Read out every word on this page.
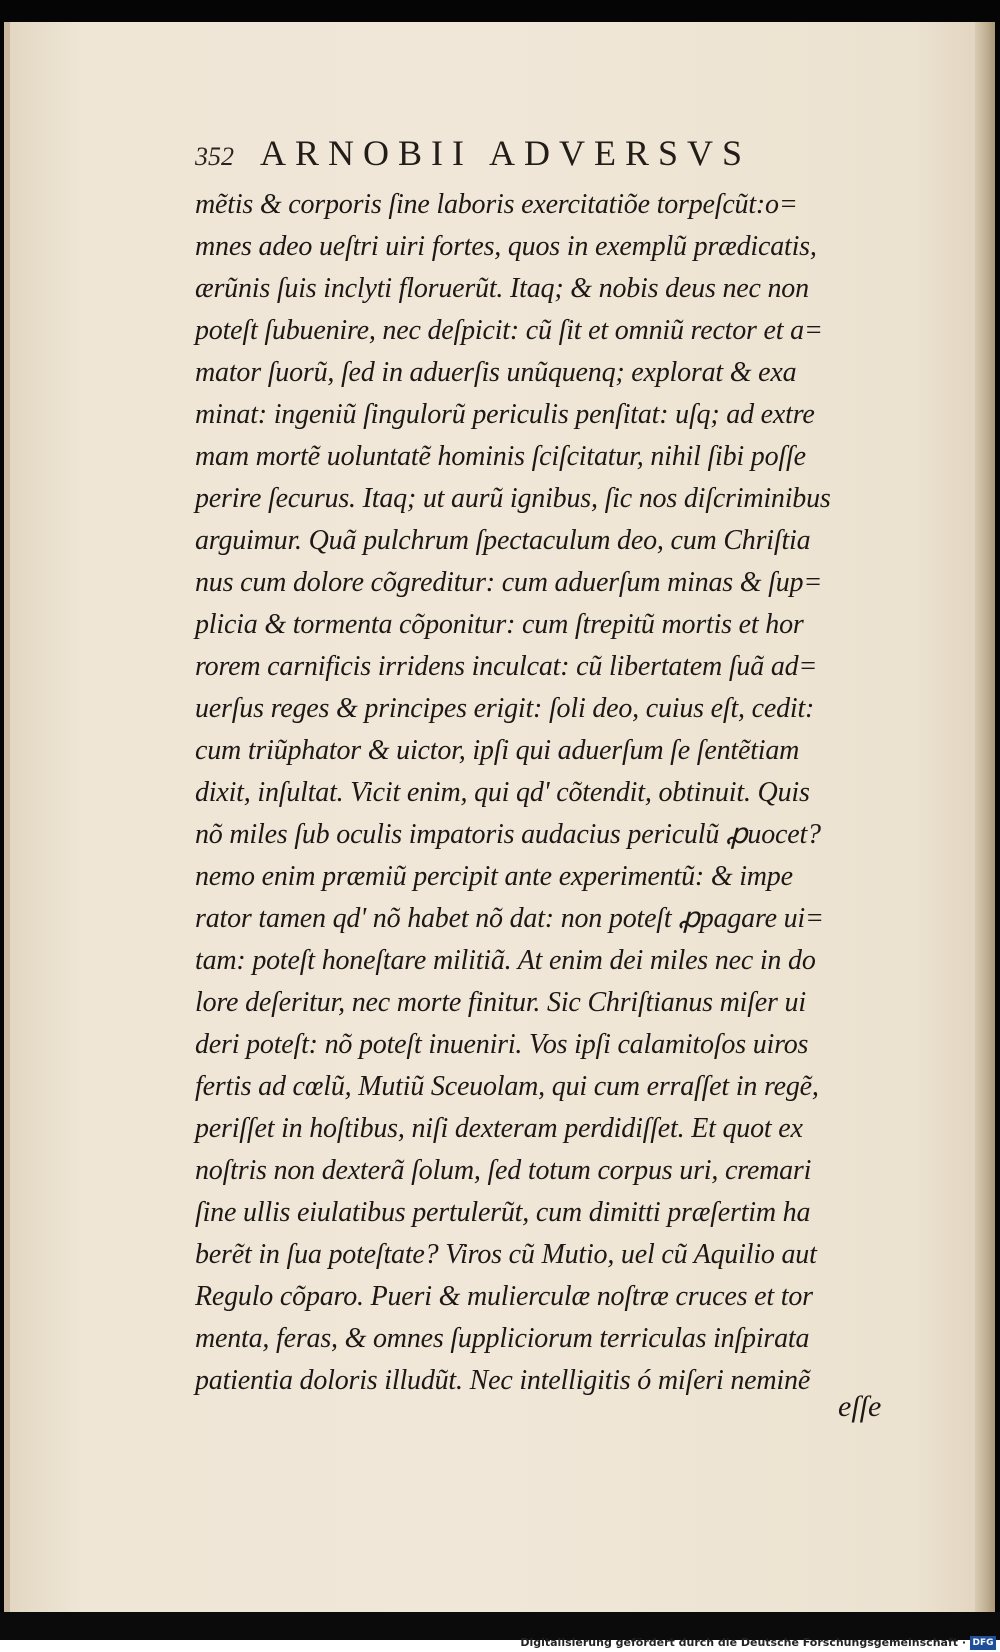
352 ARNOBII ADVERSVS
mẽtis & corporis ſine laboris exercitatiõe torpeſcũt:o=
mnes adeo ueſtri uiri fortes, quos in exemplũ prædicatis,
ærũnis ſuis inclyti floruerũt. Itaq; & nobis deus nec non
poteſt ſubuenire, nec deſpicit: cũ ſit et omniũ rector et a=
mator ſuorũ, ſed in aduerſis unũquenq; explorat & exa
minat: ingeniũ ſingulorũ periculis penſitat: uſq; ad extre
mam mortẽ uoluntatẽ hominis ſciſcitatur, nihil ſibi poſſe
perire ſecurus. Itaq; ut aurũ ignibus, ſic nos diſcriminibus
arguimur. Quã pulchrum ſpectaculum deo, cum Chriſtia
nus cum dolore cõgreditur: cum aduerſum minas & ſup=
plicia & tormenta cõponitur: cum ſtrepitũ mortis et hor
rorem carnificis irridens inculcat: cũ libertatem ſuã ad=
uerſus reges & principes erigit: ſoli deo, cuius eſt, cedit:
cum triũphator & uictor, ipſi qui aduerſum ſe ſentẽtiam
dixit, inſultat. Vicit enim, qui qd' cõtendit, obtinuit. Quis
nõ miles ſub oculis impatoris audacius periculũ ꝓuocet?
nemo enim præmiũ percipit ante experimentũ: & impe
rator tamen qd' nõ habet nõ dat: non poteſt ꝓpagare ui=
tam: poteſt honeſtare militiã. At enim dei miles nec in do
lore deſeritur, nec morte finitur. Sic Chriſtianus miſer ui
deri poteſt: nõ poteſt inueniri. Vos ipſi calamitoſos uiros
fertis ad cœlũ, Mutiũ Sceuolam, qui cum erraſſet in regẽ,
periſſet in hoſtibus, niſi dexteram perdidiſſet. Et quot ex
noſtris non dexterã ſolum, ſed totum corpus uri, cremari
ſine ullis eiulatibus pertulerũt, cum dimitti præſertim ha
berẽt in ſua poteſtate? Viros cũ Mutio, uel cũ Aquilio aut
Regulo cõparo. Pueri & mulierculæ noſtræ cruces et tor
menta, feras, & omnes ſuppliciorum terriculas inſpirata
patientia doloris illudũt. Nec intelligitis ó miſeri neminẽ
eſſe
Digitalisierung gefördert durch die Deutsche Forschungsgemeinschaft · DFG
